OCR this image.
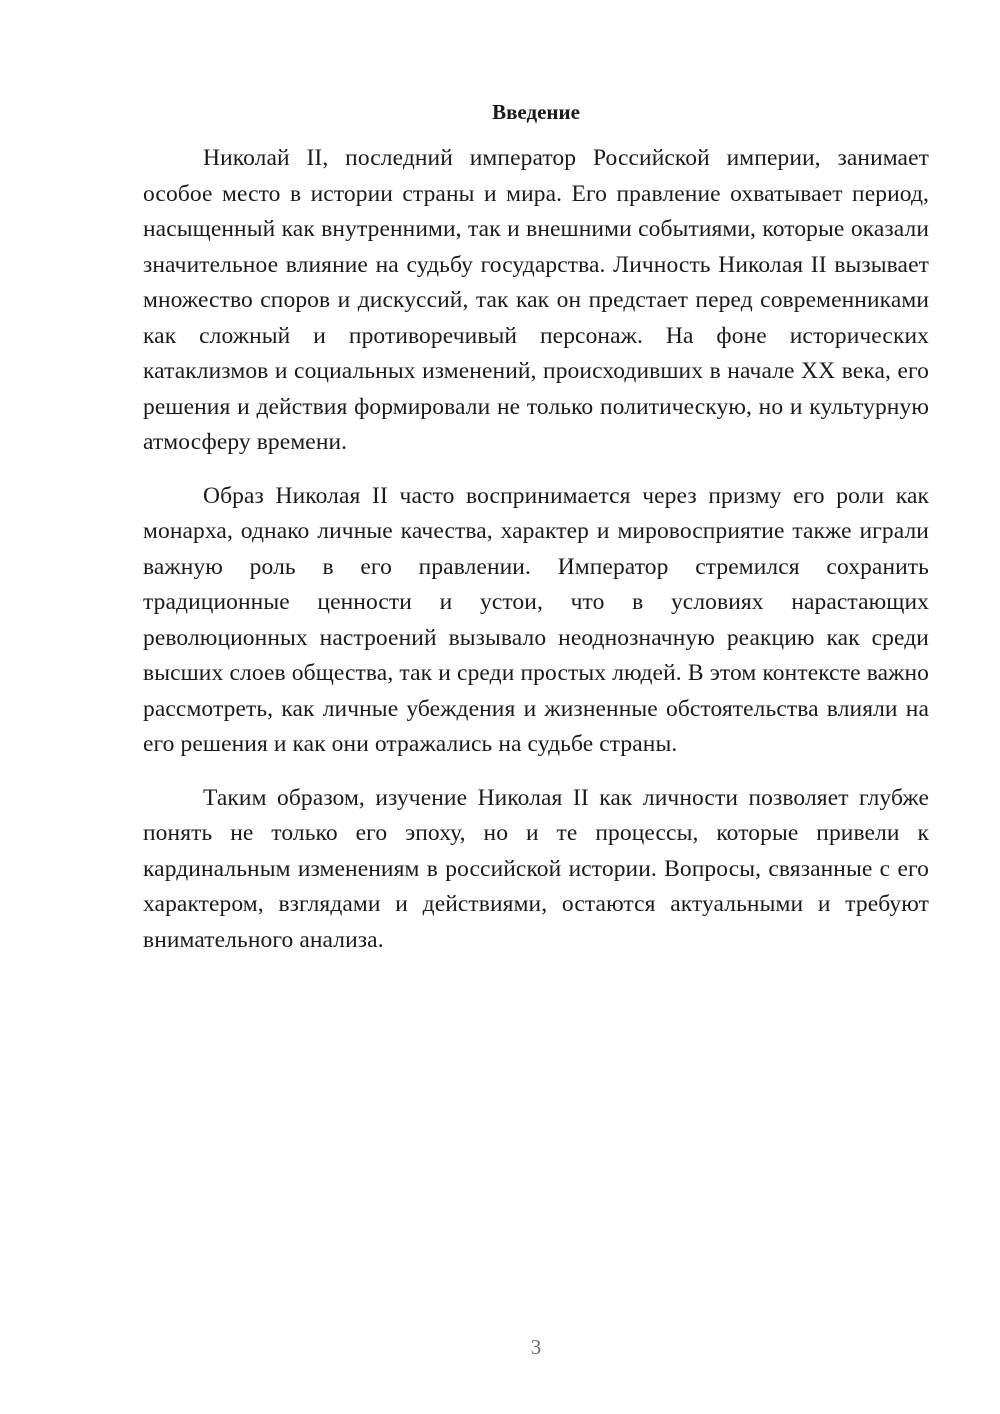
Введение

Николай II, последний император Российской империи, занимает особое место в истории страны и мира. Его правление охватывает период, насыщенный как внутренними, так и внешними событиями, которые оказали значительное влияние на судьбу государства. Личность Николая II вызывает множество споров и дискуссий, так как он предстает перед современниками как сложный и противоречивый персонаж. На фоне исторических катаклизмов и социальных изменений, происходивших в начале XX века, его решения и действия формировали не только политическую, но и культурную атмосферу времени.

Образ Николая II часто воспринимается через призму его роли как монарха, однако личные качества, характер и мировосприятие также играли важную роль в его правлении. Император стремился сохранить традиционные ценности и устои, что в условиях нарастающих революционных настроений вызывало неоднозначную реакцию как среди высших слоев общества, так и среди простых людей. В этом контексте важно рассмотреть, как личные убеждения и жизненные обстоятельства влияли на его решения и как они отражались на судьбе страны.

Таким образом, изучение Николая II как личности позволяет глубже понять не только его эпоху, но и те процессы, которые привели к кардинальным изменениям в российской истории. Вопросы, связанные с его характером, взглядами и действиями, остаются актуальными и требуют внимательного анализа.

3
